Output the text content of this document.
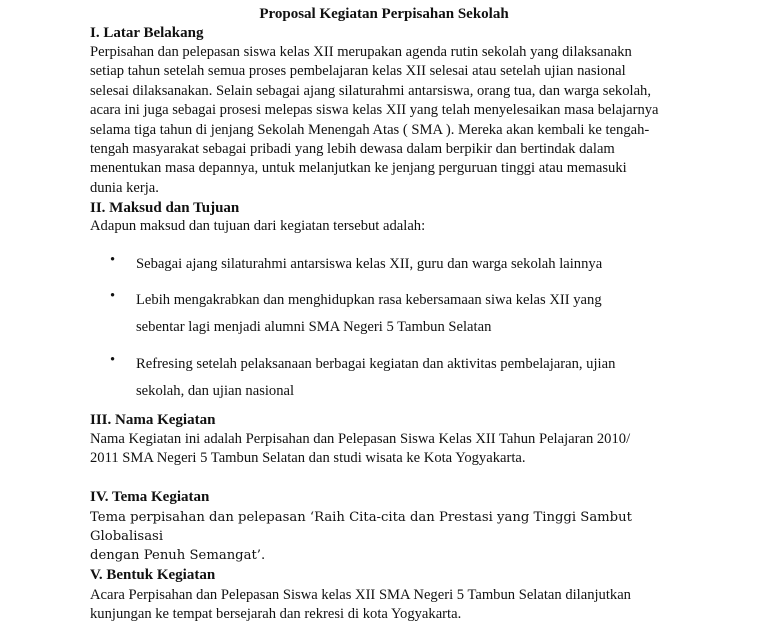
Proposal Kegiatan Perpisahan Sekolah
I. Latar Belakang
Perpisahan dan pelepasan siswa kelas XII merupakan agenda rutin sekolah yang dilaksanakn
setiap tahun setelah semua proses pembelajaran kelas XII selesai atau setelah ujian nasional
selesai dilaksanakan. Selain sebagai ajang silaturahmi antarsiswa, orang tua, dan warga sekolah,
acara ini juga sebagai prosesi melepas siswa kelas XII yang telah menyelesaikan masa belajarnya
selama tiga tahun di jenjang Sekolah Menengah Atas ( SMA ). Mereka akan kembali ke tengah-
tengah masyarakat sebagai pribadi yang lebih dewasa dalam berpikir dan bertindak dalam
menentukan masa depannya, untuk melanjutkan ke jenjang perguruan tinggi atau memasuki
dunia kerja.
II. Maksud dan Tujuan
Adapun maksud dan tujuan dari kegiatan tersebut adalah:
• Sebagai ajang silaturahmi antarsiswa kelas XII, guru dan warga sekolah lainnya
• Lebih mengakrabkan dan menghidupkan rasa kebersamaan siwa kelas XII yang
sebentar lagi menjadi alumni SMA Negeri 5 Tambun Selatan
• Refresing setelah pelaksanaan berbagai kegiatan dan aktivitas pembelajaran, ujian
sekolah, dan ujian nasional
III. Nama Kegiatan
Nama Kegiatan ini adalah Perpisahan dan Pelepasan Siswa Kelas XII Tahun Pelajaran 2010/
2011 SMA Negeri 5 Tambun Selatan dan studi wisata ke Kota Yogyakarta.
IV. Tema Kegiatan
Tema perpisahan dan pelepasan ‘Raih Cita-cita dan Prestasi yang Tinggi Sambut Globalisasi
dengan Penuh Semangat’.
V. Bentuk Kegiatan
Acara Perpisahan dan Pelepasan Siswa kelas XII SMA Negeri 5 Tambun Selatan dilanjutkan
kunjungan ke tempat bersejarah dan rekresi di kota Yogyakarta.
